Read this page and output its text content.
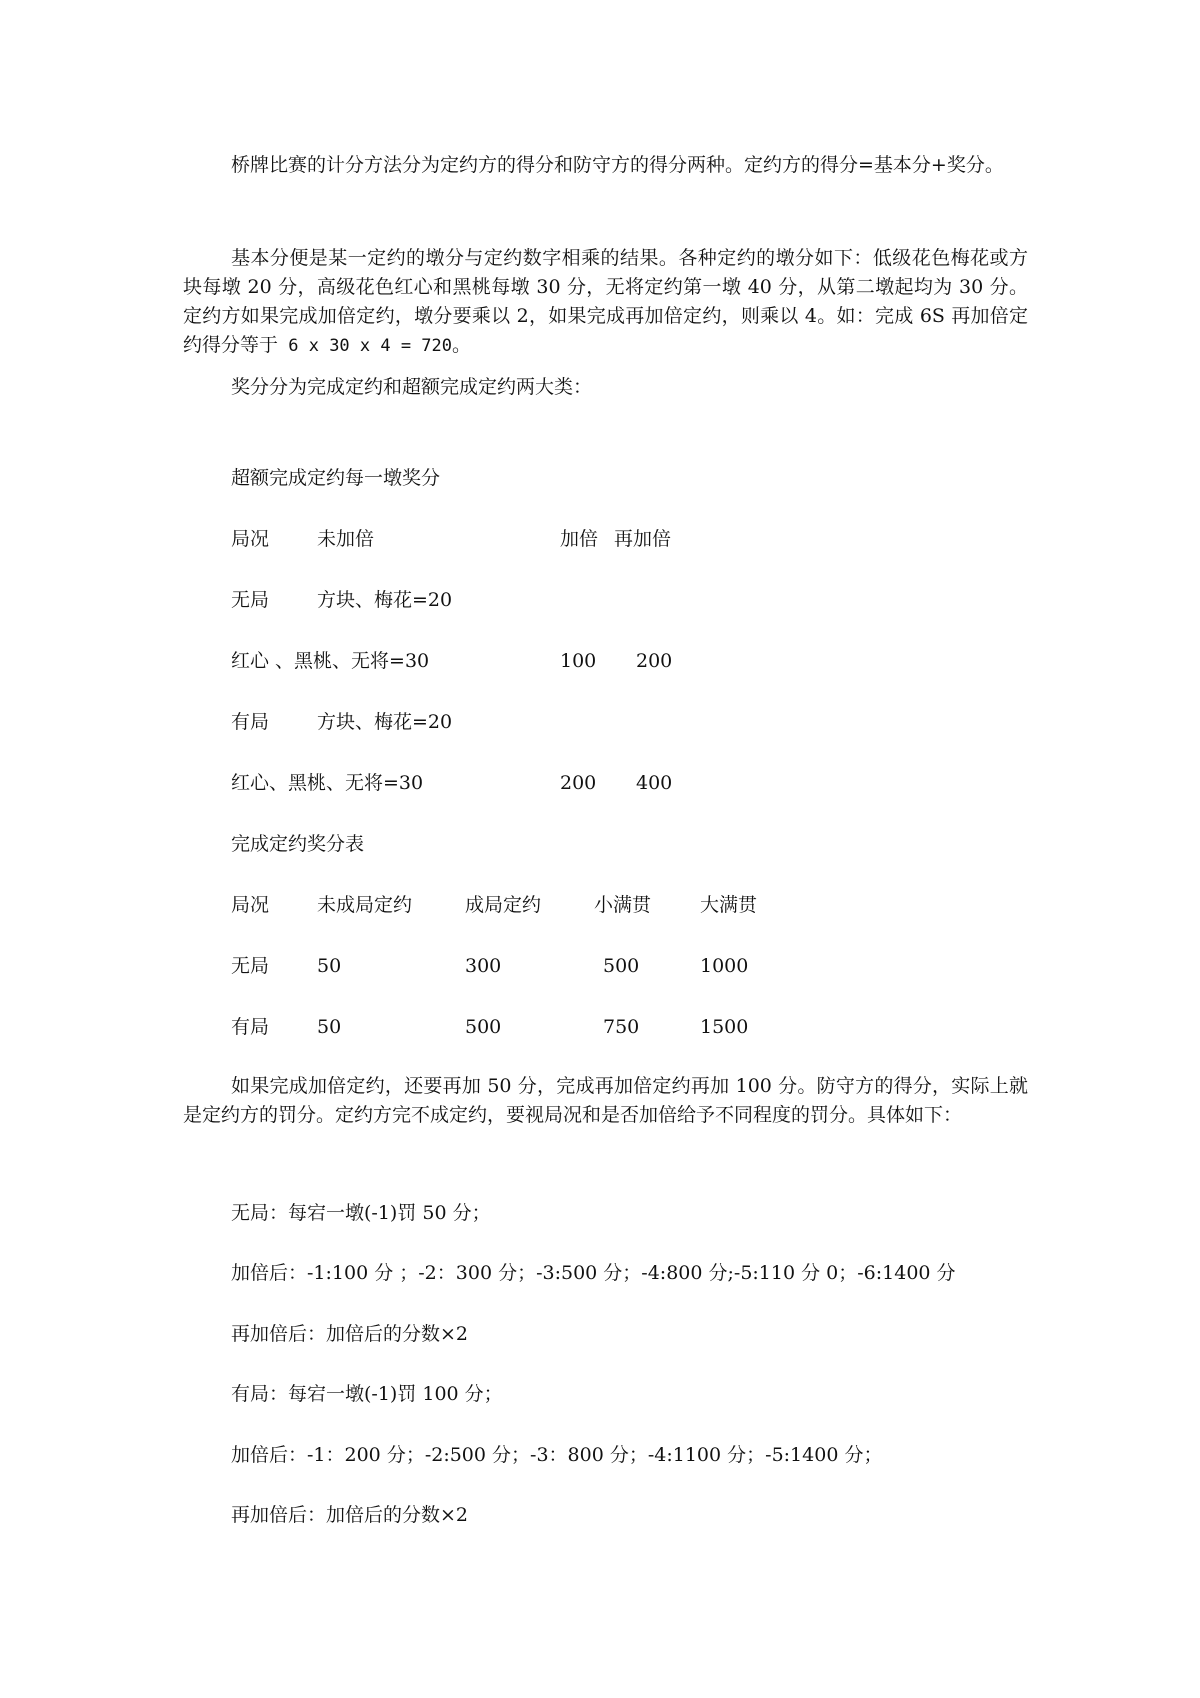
桥牌比赛的计分方法分为定约方的得分和防守方的得分两种。定约方的得分=基本分+奖分。

基本分便是某一定约的墩分与定约数字相乘的结果。各种定约的墩分如下：低级花色梅花或方块每墩 20 分，高级花色红心和黑桃每墩 30 分，无将定约第一墩 40 分，从第二墩起均为 30 分。定约方如果完成加倍定约，墩分要乘以 2，如果完成再加倍定约，则乘以 4。如：完成 6S 再加倍定约得分等于 6 x 30 x 4 = 720。

奖分分为完成定约和超额完成定约两大类：

超额完成定约每一墩奖分

局况	未加倍	加倍 再加倍
无局	方块、梅花=20
红心 、黑桃、无将=30	100 200
有局	方块、梅花=20
红心、黑桃、无将=30	200 400

完成定约奖分表

局况	未成局定约	成局定约	小满贯	大满贯
无局	50	300	500	1000
有局	50	500	750	1500

如果完成加倍定约，还要再加 50 分，完成再加倍定约再加 100 分。防守方的得分，实际上就是定约方的罚分。定约方完不成定约，要视局况和是否加倍给予不同程度的罚分。具体如下：

无局：每宕一墩(-1)罚 50 分；

加倍后：-1:100 分 ；-2：300 分；-3:500 分；-4:800 分;-5:110 分 0；-6:1400 分

再加倍后：加倍后的分数×2

有局：每宕一墩(-1)罚 100 分；

加倍后：-1：200 分；-2:500 分；-3：800 分；-4:1100 分；-5:1400 分；

再加倍后：加倍后的分数×2
